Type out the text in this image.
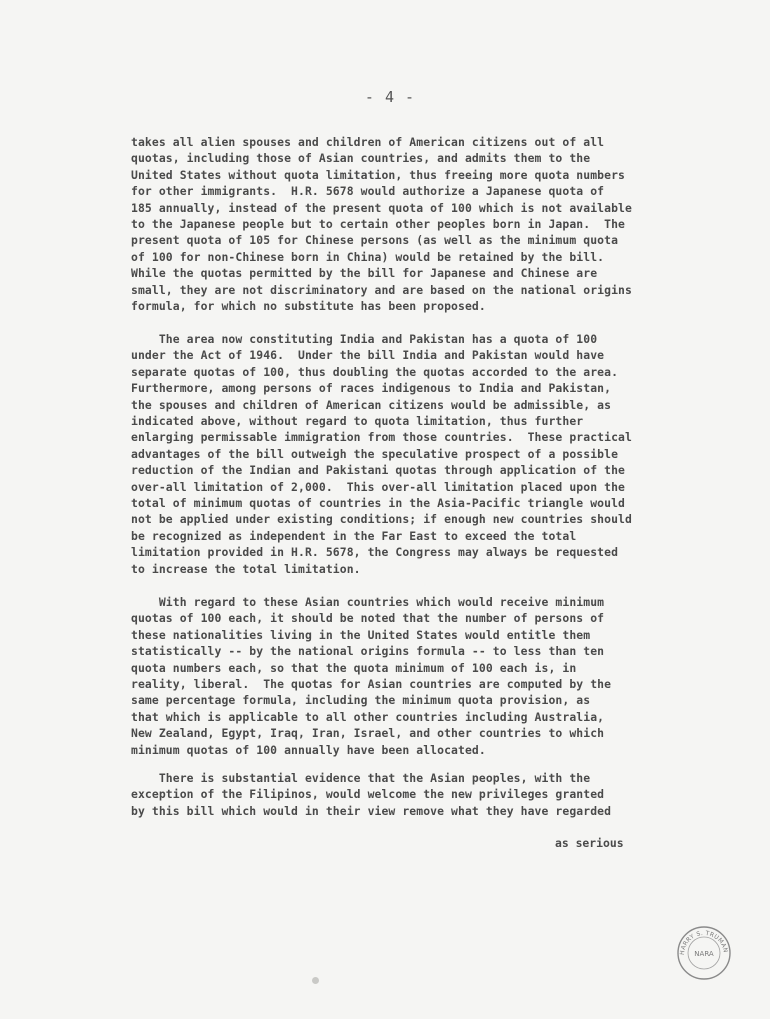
- 4 -
takes all alien spouses and children of American citizens out of all
quotas, including those of Asian countries, and admits them to the
United States without quota limitation, thus freeing more quota numbers
for other immigrants.  H.R. 5678 would authorize a Japanese quota of
185 annually, instead of the present quota of 100 which is not available
to the Japanese people but to certain other peoples born in Japan.  The
present quota of 105 for Chinese persons (as well as the minimum quota
of 100 for non-Chinese born in China) would be retained by the bill.
While the quotas permitted by the bill for Japanese and Chinese are
small, they are not discriminatory and are based on the national origins
formula, for which no substitute has been proposed.
The area now constituting India and Pakistan has a quota of 100
under the Act of 1946.  Under the bill India and Pakistan would have
separate quotas of 100, thus doubling the quotas accorded to the area.
Furthermore, among persons of races indigenous to India and Pakistan,
the spouses and children of American citizens would be admissible, as
indicated above, without regard to quota limitation, thus further
enlarging permissable immigration from those countries.  These practical
advantages of the bill outweigh the speculative prospect of a possible
reduction of the Indian and Pakistani quotas through application of the
over-all limitation of 2,000.  This over-all limitation placed upon the
total of minimum quotas of countries in the Asia-Pacific triangle would
not be applied under existing conditions; if enough new countries should
be recognized as independent in the Far East to exceed the total
limitation provided in H.R. 5678, the Congress may always be requested
to increase the total limitation.
With regard to these Asian countries which would receive minimum
quotas of 100 each, it should be noted that the number of persons of
these nationalities living in the United States would entitle them
statistically -- by the national origins formula -- to less than ten
quota numbers each, so that the quota minimum of 100 each is, in
reality, liberal.  The quotas for Asian countries are computed by the
same percentage formula, including the minimum quota provision, as
that which is applicable to all other countries including Australia,
New Zealand, Egypt, Iraq, Iran, Israel, and other countries to which
minimum quotas of 100 annually have been allocated.
There is substantial evidence that the Asian peoples, with the
exception of the Filipinos, would welcome the new privileges granted
by this bill which would in their view remove what they have regarded
as serious
HARRY S. TRUMAN
NARA
